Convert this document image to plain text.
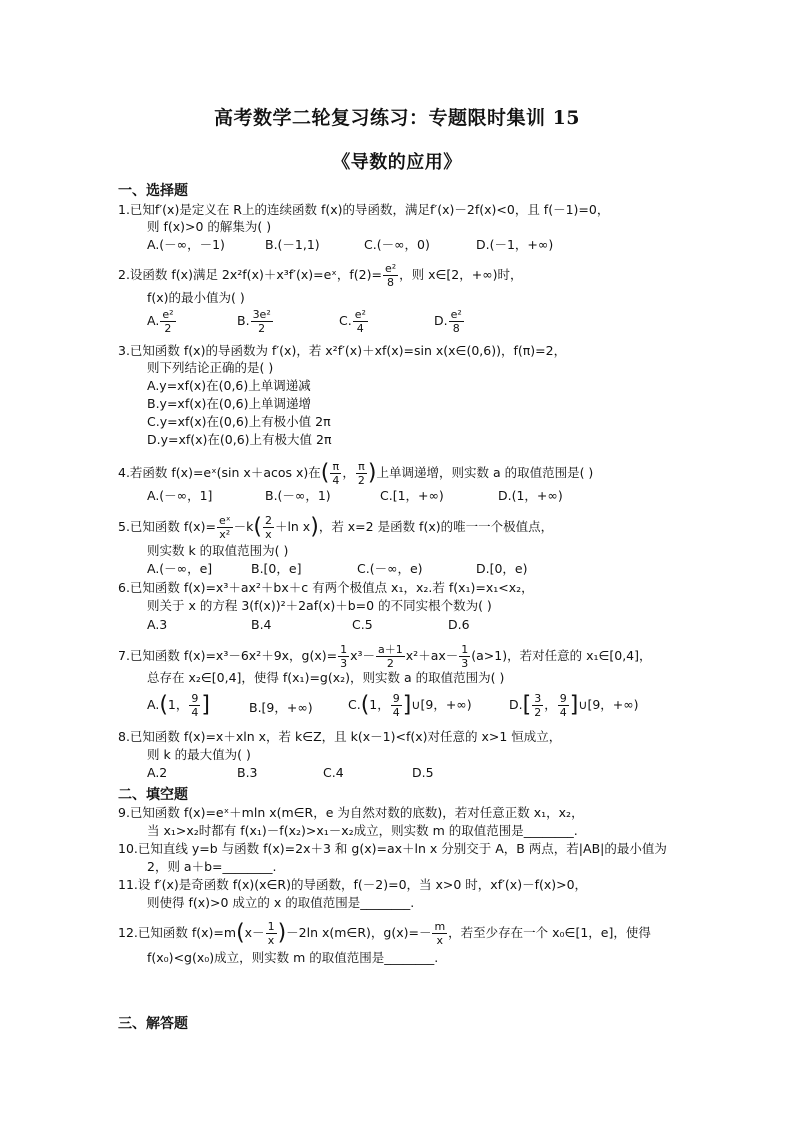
高考数学二轮复习练习：专题限时集训 15
《导数的应用》
一、选择题
1.已知f′(x)是定义在 R上的连续函数 f(x)的导函数，满足f′(x)－2f(x)<0，且 f(－1)=0，
则 f(x)>0 的解集为( )
A.(－∞，－1)	B.(－1,1)	C.(－∞，0)	D.(－1，+∞)
2.设函数 f(x)满足 2x²f(x)＋x³f′(x)=eˣ，$f(2)= \frac{\text{e²}}{8}$ ，则 x∈[2，+∞)时，
f(x)的最小值为( )
A. $\frac{\text{e²}}{2}$	B. $\frac{\text{3e²}}{2}$	C. $\frac{\text{e²}}{4}$	D. $\frac{\text{e²}}{8}$
3.已知函数 f(x)的导函数为 f′(x)，若 x²f′(x)＋xf(x)=sin x(x∈(0,6))，f(π)=2，
则下列结论正确的是( )
A.y=xf(x)在(0,6)上单调递减
B.y=xf(x)在(0,6)上单调递增
C.y=xf(x)在(0,6)上有极小值 2π
D.y=xf(x)在(0,6)上有极大值 2π
4.若函数 f(x)=eˣ(sin x＋acos x)在( $\frac{\pi}{4}$ ， $\frac{\pi}{2}$ )上单调递增，则实数 a 的取值范围是( )
A.(－∞，1]	B.(－∞，1)	C.[1，+∞)	D.(1，+∞)
5.已知函数 $f(x)= \frac{\text{eˣ}}{\text{x²}} -k( \frac{2}{x} +\ln$ x)，若 x=2 是函数 f(x)的唯一一个极值点，
则实数 k 的取值范围为( )
A.(－∞，e]	B.[0，e]	C.(－∞，e)	D.[0，e)
6.已知函数 f(x)=x³＋ax²＋bx＋c 有两个极值点 x₁，x₂.若 f(x₁)=x₁<x₂，
则关于 x 的方程 3(f(x))²＋2af(x)＋b=0 的不同实根个数为( )
A.3	B.4	C.5	D.6
7.已知函数 f(x)=x³－6x²＋9x，$g(x)= \frac{1}{3} x^3- \frac{a+1}{2} x^2+ax- \frac{1}{3} (a>1)$，若对任意的 x₁∈[0,4]，
总存在 x₂∈[0,4]，使得 f(x₁)=g(x₂)，则实数 a 的取值范围为( )
A.(1， $\frac{9}{4}$ ]	B.[9，+∞)	C.(1， $\frac{9}{4}$ ]∪[9，+∞)	$D.[ \frac{3}{2}$ ， $\frac{9}{4}$ ]∪[9，+∞)
8.已知函数 f(x)=x＋xln x，若 k∈Z，且 k(x－1)<f(x)对任意的 x>1 恒成立，
则 k 的最大值为( )
A.2	B.3	C.4	D.5
二、填空题
9.已知函数 f(x)=eˣ＋mln x(m∈R，e 为自然对数的底数)，若对任意正数 x₁，x₂，
当 x₁>x₂时都有 f(x₁)－f(x₂)>x₁－x₂成立，则实数 m 的取值范围是________.
10.已知直线 y=b 与函数 f(x)=2x＋3 和 g(x)=ax＋ln x 分别交于 A，B 两点，若|AB|的最小值为
2，则 a＋b=________.
11.设 f′(x)是奇函数 f(x)(x∈R)的导函数，f(－2)=0，当 x>0 时，xf′(x)－f(x)>0，
则使得 f(x)>0 成立的 x 的取值范围是________.
12.已知函数 $f(x)=m(x- \frac{1}{x} )-2\ln$ x(m∈R)，$g(x)=- \frac{m}{x}$ ，若至少存在一个 x₀∈[1，e]，使得
f(x₀)<g(x₀)成立，则实数 m 的取值范围是________.
三、解答题
